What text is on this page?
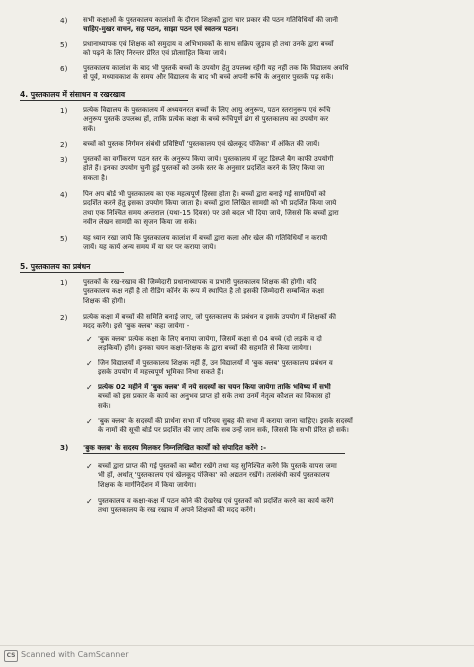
4) सभी कक्षाओं के पुस्तकालय कालांशों के दौरान शिक्षकों द्वारा चार प्रकार की पठन गतिविधियों की जानी
चाहिए-मुखर वाचन, सह पठन, साझा पठन एवं स्वतन्त्र पठन।
5) प्रधानाध्यापक एवं शिक्षक को समुदाय व अभिभावकों के साथ सक्रिय जुड़ाव हो तथा उनके द्वारा बच्चों
को पढ़ने के लिए निरन्तर प्रेरित एवं प्रोत्साहित किया जाये।
6) पुस्तकालय कालांश के बाद भी पुस्तकें बच्चों के उपयोग हेतु उपलब्ध रहेंगी यह नहीं तक कि विद्यालय अवधि
से पूर्व, मध्यावकाश के समय और विद्यालय के बाद भी बच्चे अपनी रूचि के अनुसार पुस्तकें पढ़ सकें।
4. पुस्तकालय में संसाधन व रखरखाव
1) प्रत्येक विद्यालय के पुस्तकालय में अध्ययनरत बच्चों के लिए आयु अनुरूप, पठन स्तरानुरूप एवं रूचि
अनुरूप पुस्तकें उपलब्ध हों, ताकि प्रत्येक कक्षा के बच्चे रूचिपूर्ण ढंग से पुस्तकालय का उपयोग कर
सकें।
2) बच्चों को पुस्तक निर्गमन संबंधी प्रविष्टियाँ 'पुस्तकालय एवं खेलकूद पंजिका' में अंकित की जायें।
3) पुस्तकों का वर्गीकरण पठन स्तर के अनुरूप किया जाये। पुस्तकालय में जूट डिस्प्ले बैग काफी उपयोगी
होते हैं। इनका उपयोग चुनी हुई पुस्तकों को उनके स्तर के अनुसार प्रदर्शित करने के लिए किया जा
सकता है।
4) पिन अप बोर्ड भी पुस्तकालय का एक महत्वपूर्ण हिस्सा होता है। बच्चों द्वारा बनाई गई सामग्रियों को
प्रदर्शित करने हेतु इसका उपयोग किया जाता है। बच्चों द्वारा लिखित सामग्री को भी प्रदर्शित किया जाये
तथा एक निश्चित समय अन्तराल (यथा-15 दिवस) पर उसे बदल भी दिया जाये, जिससे कि बच्चों द्वारा
नवीन लेखन सामग्री का सृजन किया जा सके।
5) यह ध्यान रखा जाये कि पुस्तकालय कालांश में बच्चों द्वारा कला और खेल की गतिविधियाँ न करायी
जायें। यह कार्य अन्य समय में या घर पर कराया जाये।
5. पुस्तकालय का प्रबंधन
1) पुस्तकों के रख-रखाव की जिम्मेदारी प्रधानाध्यापक व प्रभारी पुस्तकालय शिक्षक की होगी। यदि
पुस्तकालय कक्ष नहीं है तो रीडिंग कॉर्नर के रूप में स्थापित है तो इसकी जिम्मेदारी सम्बन्धित कक्षा
शिक्षक की होगी।
2) प्रत्येक कक्षा में बच्चों की समिति बनाई जाए, जो पुस्तकालय के प्रबंधन व इसके उपयोग में शिक्षकों की
मदद करेंगे। इसे 'बुक क्लब' कहा जायेगा -
✓ 'बुक क्लब' प्रत्येक कक्षा के लिए बनाया जायेगा, जिसमें कक्षा से 04 बच्चे (दो लड़के व दो
लड़कियाँ) होंगे। इनका चयन कक्षा-शिक्षक के द्वारा बच्चों की सहमति से किया जायेगा।
✓ जिन विद्यालयों में पुस्तकालय शिक्षक नहीं हैं, उन विद्यालयों में 'बुक क्लब' पुस्तकालय प्रबंधन व
इसके उपयोग में महत्त्वपूर्ण भूमिका निभा सकते हैं।
✓ प्रत्येक 02 महीने में 'बुक क्लब' में नये सदस्यों का चयन किया जायेगा ताकि भविष्य में सभी
बच्चों को इस प्रकार के कार्य का अनुभव प्राप्त हो सके तथा उनमें नेतृत्व कौशल का विकास हो
सके।
✓ 'बुक क्लब' के सदस्यों की प्रार्थना सभा में परिचय सुबह की सभा में कराया जाना चाहिए। इसके सदस्यों
के नामों की सूची बोर्ड पर प्रदर्शित की जाए ताकि सब उन्हें जान सकें, जिससे कि सभी प्रेरित हो सकें।
3) 'बुक क्लब' के सदस्य मिलकर निम्नलिखित कार्यों को संपादित करेंगे :-
✓ बच्चों द्वारा प्राप्त की गई पुस्तकों का ब्यौरा रखेंगे तथा यह सुनिश्चित करेंगे कि पुस्तकें वापस जमा
भी हों, अर्थात् 'पुस्तकालय एवं खेलकूद पंजिका' को अद्यतन रखेंगे। तत्संबंधी कार्य पुस्तकालय
शिक्षक के मार्गनिर्देशन में किया जायेगा।
✓ पुस्तकालय व कक्षा-कक्ष में पठन कोने की देखरेख एवं पुस्तकों को प्रदर्शित करने का कार्य करेंगे
तथा पुस्तकालय के रख रखाव में अपने शिक्षकों की मदद करेंगे।
CS Scanned with CamScanner
